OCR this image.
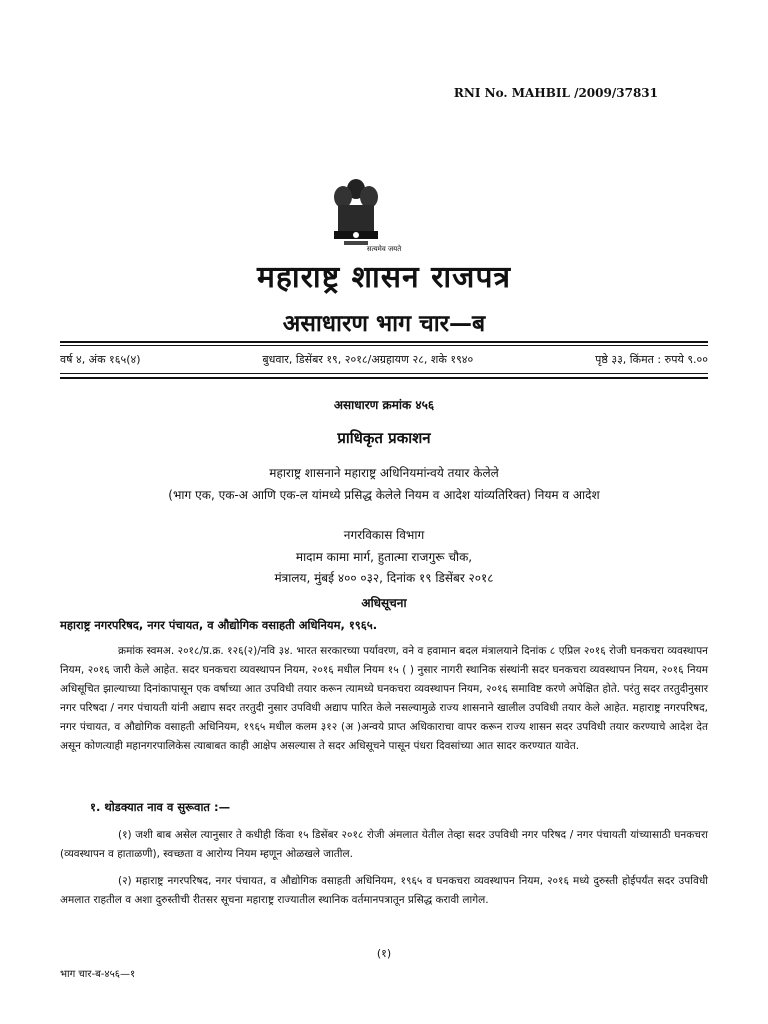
RNI No. MAHBIL /2009/37831
सत्यमेव जयते
महाराष्ट्र शासन राजपत्र
असाधारण भाग चार—ब
वर्ष ४, अंक १६५(४)	बुधवार, डिसेंबर १९, २०१८/अग्रहायण २८, शके १९४०	पृष्ठे ३३, किंमत : रुपये ९.००
असाधारण क्रमांक ४५६
प्राधिकृत प्रकाशन
महाराष्ट्र शासनाने महाराष्ट्र अधिनियमांन्वये तयार केलेले
(भाग एक, एक-अ आणि एक-ल यांमध्ये प्रसिद्ध केलेले नियम व आदेश यांव्यतिरिक्त) नियम व आदेश
नगरविकास विभाग
मादाम कामा मार्ग, हुतात्मा राजगुरू चौक,
मंत्रालय, मुंबई ४०० ०३२, दिनांक १९ डिसेंबर २०१८
अधिसूचना
महाराष्ट्र नगरपरिषद, नगर पंचायत, व औद्योगिक वसाहती अधिनियम, १९६५.
क्रमांक स्वमअ. २०१८/प्र.क्र. १२६(२)/नवि ३४. भारत सरकारच्या पर्यावरण, वने व हवामान बदल मंत्रालयाने दिनांक ८ एप्रिल २०१६ रोजी घनकचरा व्यवस्थापन नियम, २०१६ जारी केले आहेत. सदर घनकचरा व्यवस्थापन नियम, २०१६ मधील नियम १५ ( ) नुसार नागरी स्थानिक संस्थांनी सदर घनकचरा व्यवस्थापन नियम, २०१६ नियम अधिसूचित झाल्याच्या दिनांकापासून एक वर्षाच्या आत उपविधी तयार करून त्यामध्ये घनकचरा व्यवस्थापन नियम, २०१६ समाविष्ट करणे अपेक्षित होते. परंतु सदर तरतुदीनुसार नगर परिषदा / नगर पंचायती यांनी अद्याप सदर तरतुदी नुसार उपविधी अद्याप पारित केले नसल्यामुळे राज्य शासनाने खालील उपविधी तयार केले आहेत. महाराष्ट्र नगरपरिषद, नगर पंचायत, व औद्योगिक वसाहती अधिनियम, १९६५ मधील कलम ३१२ (अ )अन्वये प्राप्त अधिकाराचा वापर करून राज्य शासन सदर उपविधी तयार करण्याचे आदेश देत असून कोणत्याही महानगरपालिकेस त्याबाबत काही आक्षेप असल्यास ते सदर अधिसूचने पासून पंधरा दिवसांच्या आत सादर करण्यात यावेत.
१. थोडक्यात नाव व सुरूवात :—
(१) जशी बाब असेल त्यानुसार ते कधीही किंवा १५ डिसेंबर २०१८ रोजी अंमलात येतील तेव्हा सदर उपविधी नगर परिषद / नगर पंचायती यांच्यासाठी घनकचरा (व्यवस्थापन व हाताळणी), स्वच्छता व आरोग्य नियम म्हणून ओळखले जातील.
(२) महाराष्ट्र नगरपरिषद, नगर पंचायत, व औद्योगिक वसाहती अधिनियम, १९६५ व घनकचरा व्यवस्थापन नियम, २०१६ मध्ये दुरुस्ती होईपर्यंत सदर उपविधी अमलात राहतील व अशा दुरुस्तीची रीतसर सूचना महाराष्ट्र राज्यातील स्थानिक वर्तमानपत्रातून प्रसिद्ध करावी लागेल.
(१)
भाग चार-ब-४५६—१
